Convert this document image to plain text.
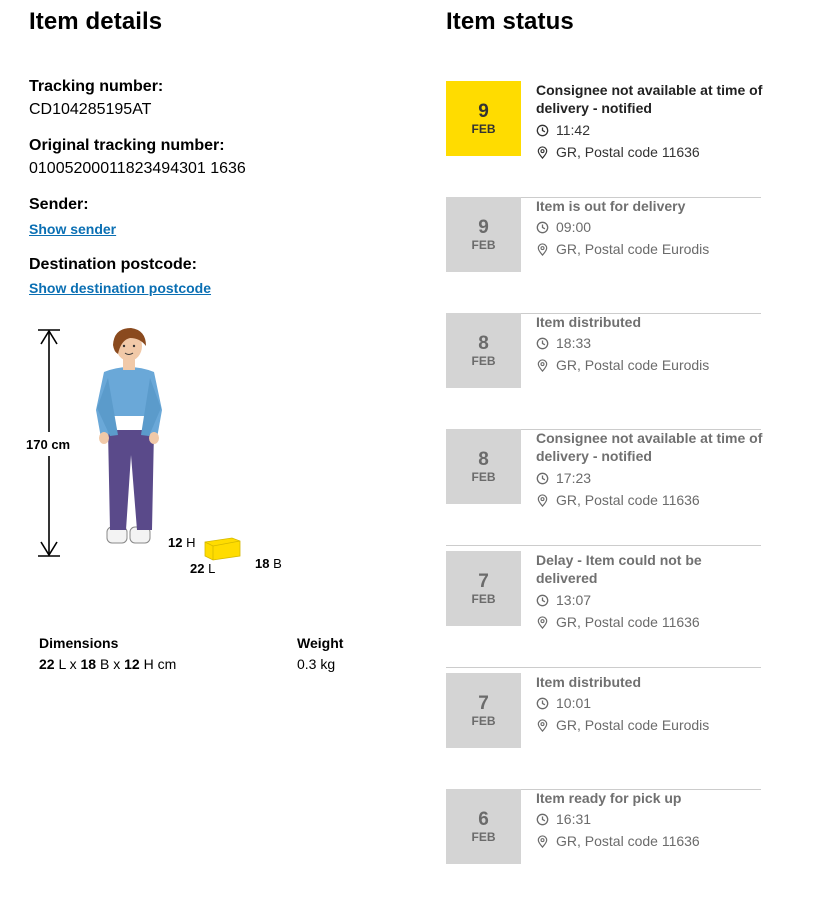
Item details
Tracking number:
CD104285195AT
Original tracking number:
01005200011823494301 1636
Sender:
Show sender
Destination postcode:
Show destination postcode
170 cm
12 H
22 L	18 B
Dimensions
22 L x 18 B x 12 H cm
Weight
0.3 kg
Item status
9
FEB
Consignee not available at time of delivery - notified
11:42
GR, Postal code 11636
9
FEB
Item is out for delivery
09:00
GR, Postal code Eurodis
8
FEB
Item distributed
18:33
GR, Postal code Eurodis
8
FEB
Consignee not available at time of delivery - notified
17:23
GR, Postal code 11636
7
FEB
Delay - Item could not be delivered
13:07
GR, Postal code 11636
7
FEB
Item distributed
10:01
GR, Postal code Eurodis
6
FEB
Item ready for pick up
16:31
GR, Postal code 11636
